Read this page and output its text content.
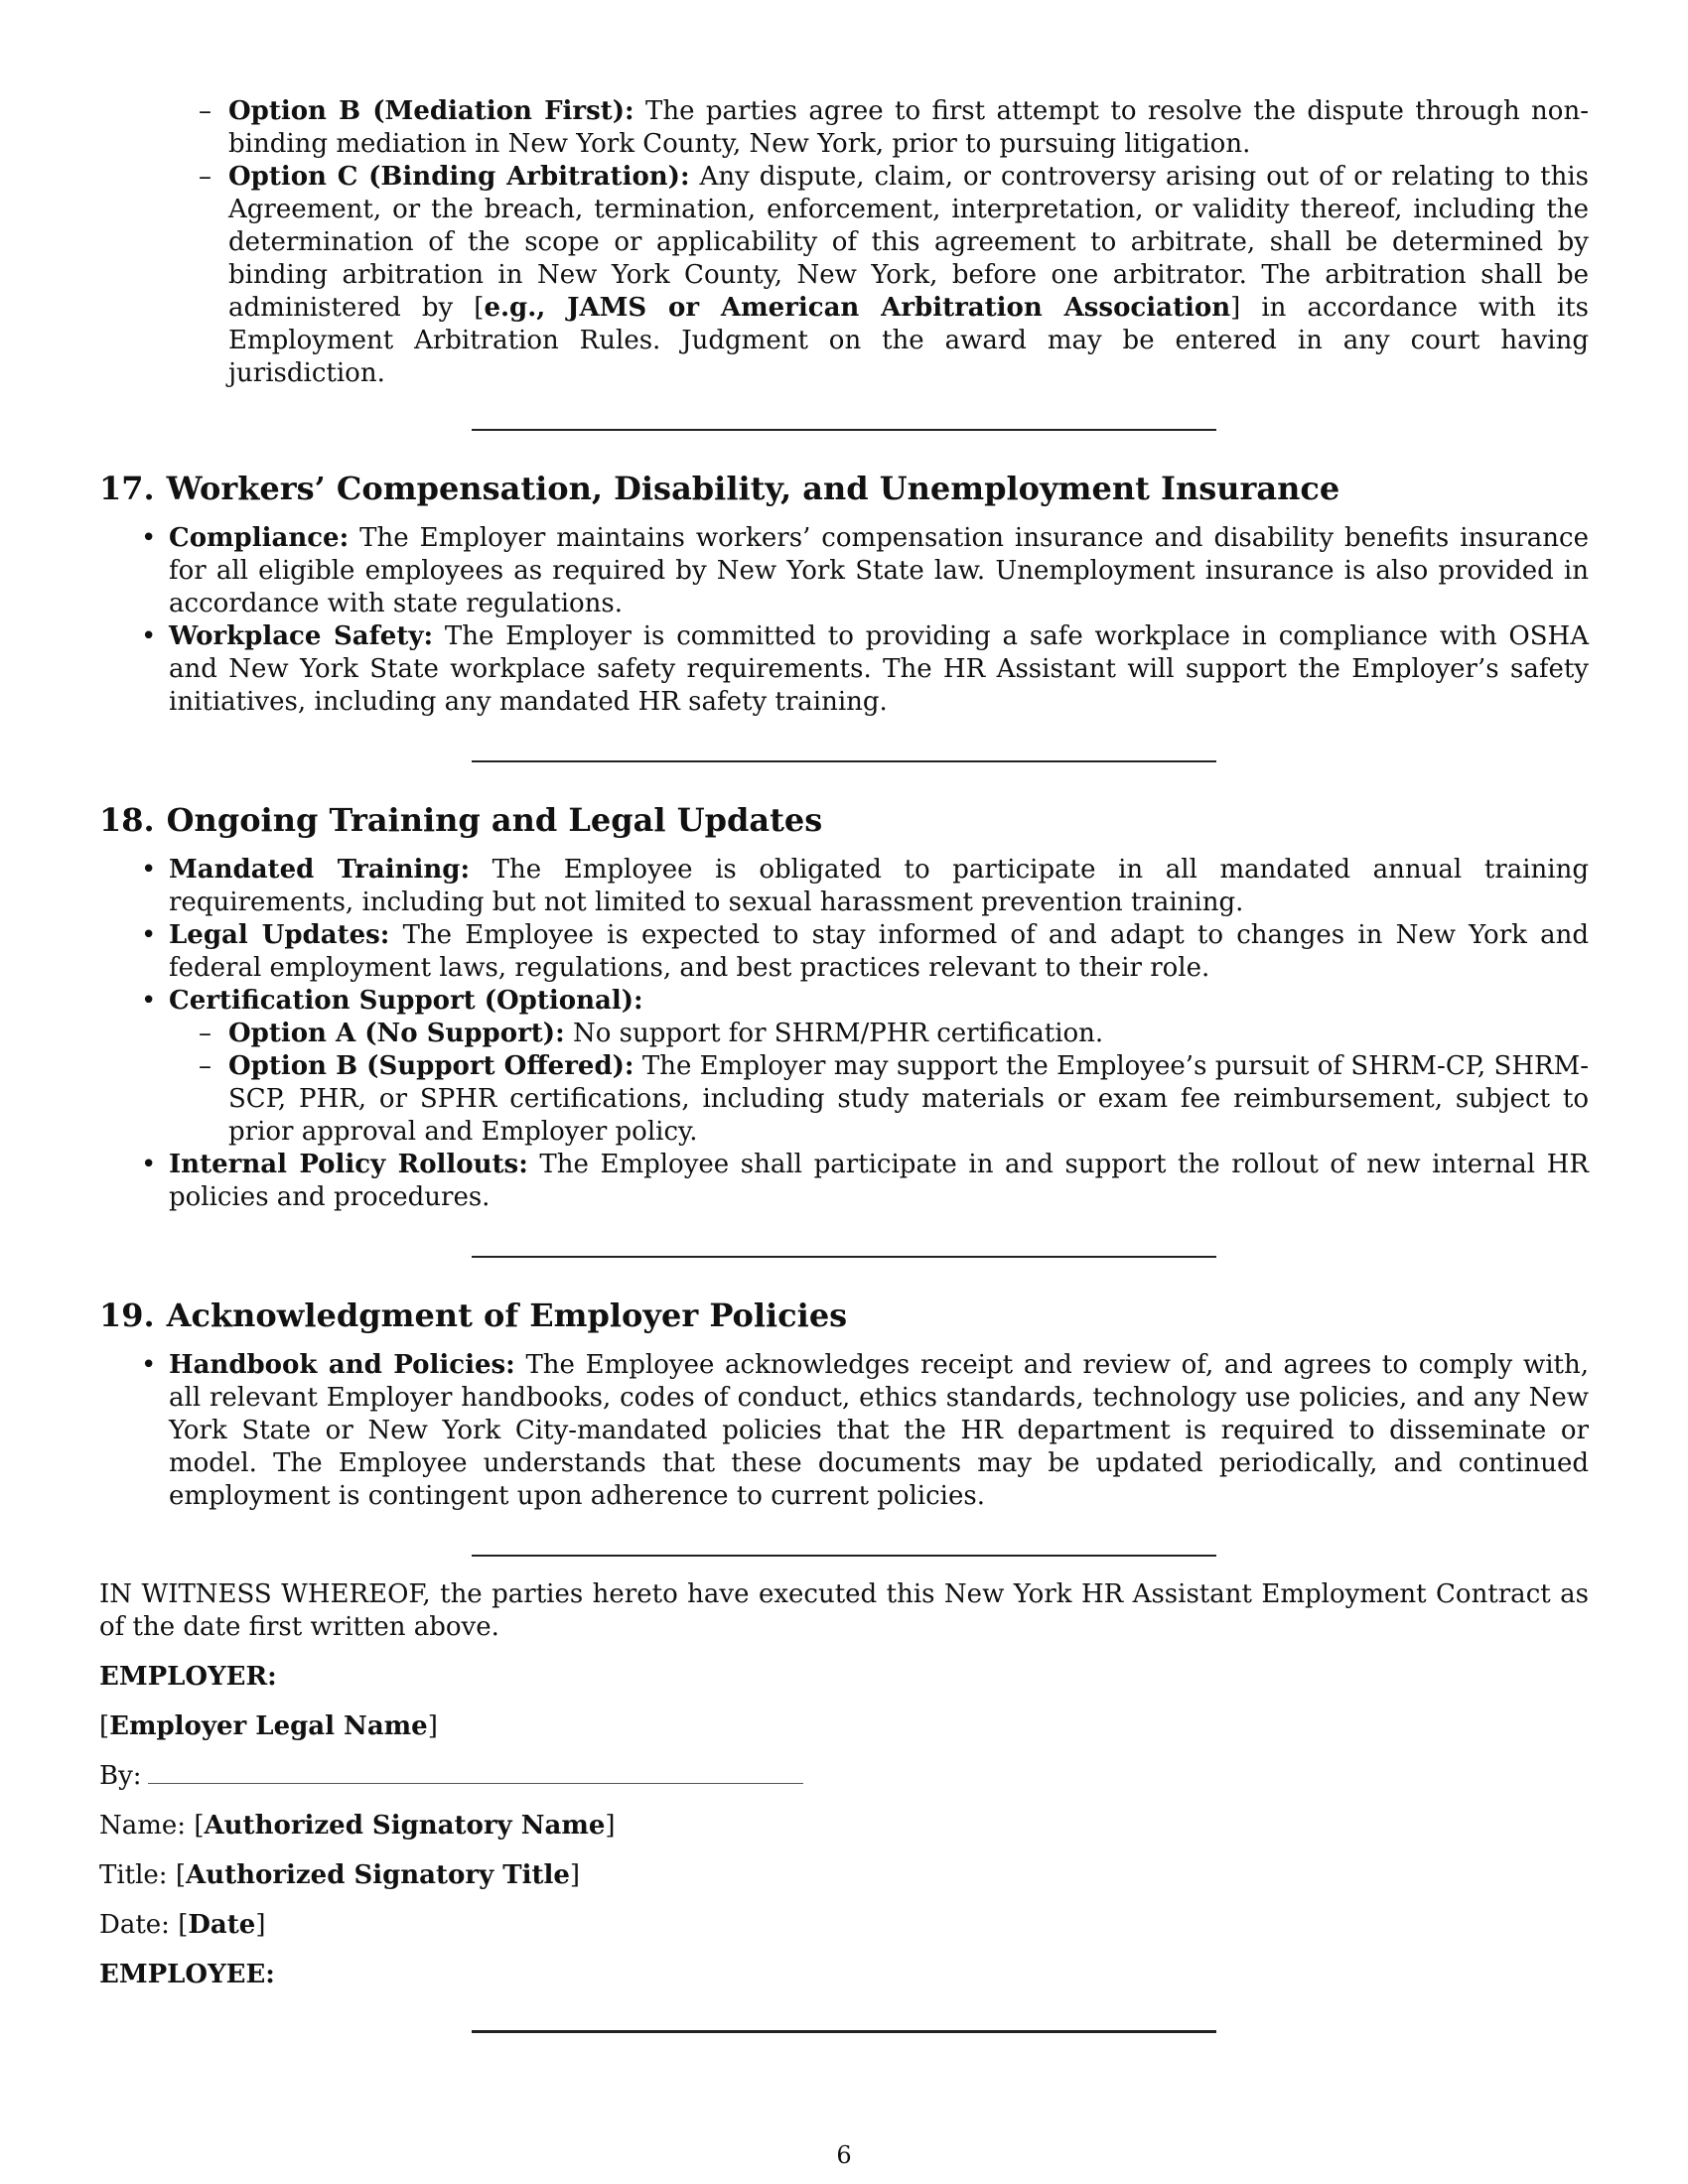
– Option B (Mediation First): The parties agree to first attempt to resolve the dispute through non-binding mediation in New York County, New York, prior to pursuing litigation.
– Option C (Binding Arbitration): Any dispute, claim, or controversy arising out of or relating to this Agreement, or the breach, termination, enforcement, interpretation, or validity thereof, including the determination of the scope or applicability of this agreement to arbitrate, shall be determined by binding arbitration in New York County, New York, before one arbitrator. The arbitration shall be administered by [e.g., JAMS or American Arbitration Association] in accordance with its Employment Arbitration Rules. Judgment on the award may be entered in any court having jurisdiction.
17. Workers’ Compensation, Disability, and Unemployment Insurance
• Compliance: The Employer maintains workers’ compensation insurance and disability benefits insurance for all eligible employees as required by New York State law. Unemployment insurance is also provided in accordance with state regulations.
• Workplace Safety: The Employer is committed to providing a safe workplace in compliance with OSHA and New York State workplace safety requirements. The HR Assistant will support the Employer’s safety initiatives, including any mandated HR safety training.
18. Ongoing Training and Legal Updates
• Mandated Training: The Employee is obligated to participate in all mandated annual training requirements, including but not limited to sexual harassment prevention training.
• Legal Updates: The Employee is expected to stay informed of and adapt to changes in New York and federal employment laws, regulations, and best practices relevant to their role.
• Certification Support (Optional):
– Option A (No Support): No support for SHRM/PHR certification.
– Option B (Support Offered): The Employer may support the Employee’s pursuit of SHRM-CP, SHRM-SCP, PHR, or SPHR certifications, including study materials or exam fee reimbursement, subject to prior approval and Employer policy.
• Internal Policy Rollouts: The Employee shall participate in and support the rollout of new internal HR policies and procedures.
19. Acknowledgment of Employer Policies
• Handbook and Policies: The Employee acknowledges receipt and review of, and agrees to comply with, all relevant Employer handbooks, codes of conduct, ethics standards, technology use policies, and any New York State or New York City-mandated policies that the HR department is required to disseminate or model. The Employee understands that these documents may be updated periodically, and continued employment is contingent upon adherence to current policies.

IN WITNESS WHEREOF, the parties hereto have executed this New York HR Assistant Employment Contract as of the date first written above.

EMPLOYER:

[Employer Legal Name]

By:

Name: [Authorized Signatory Name]

Title: [Authorized Signatory Title]

Date: [Date]

EMPLOYEE:

6
